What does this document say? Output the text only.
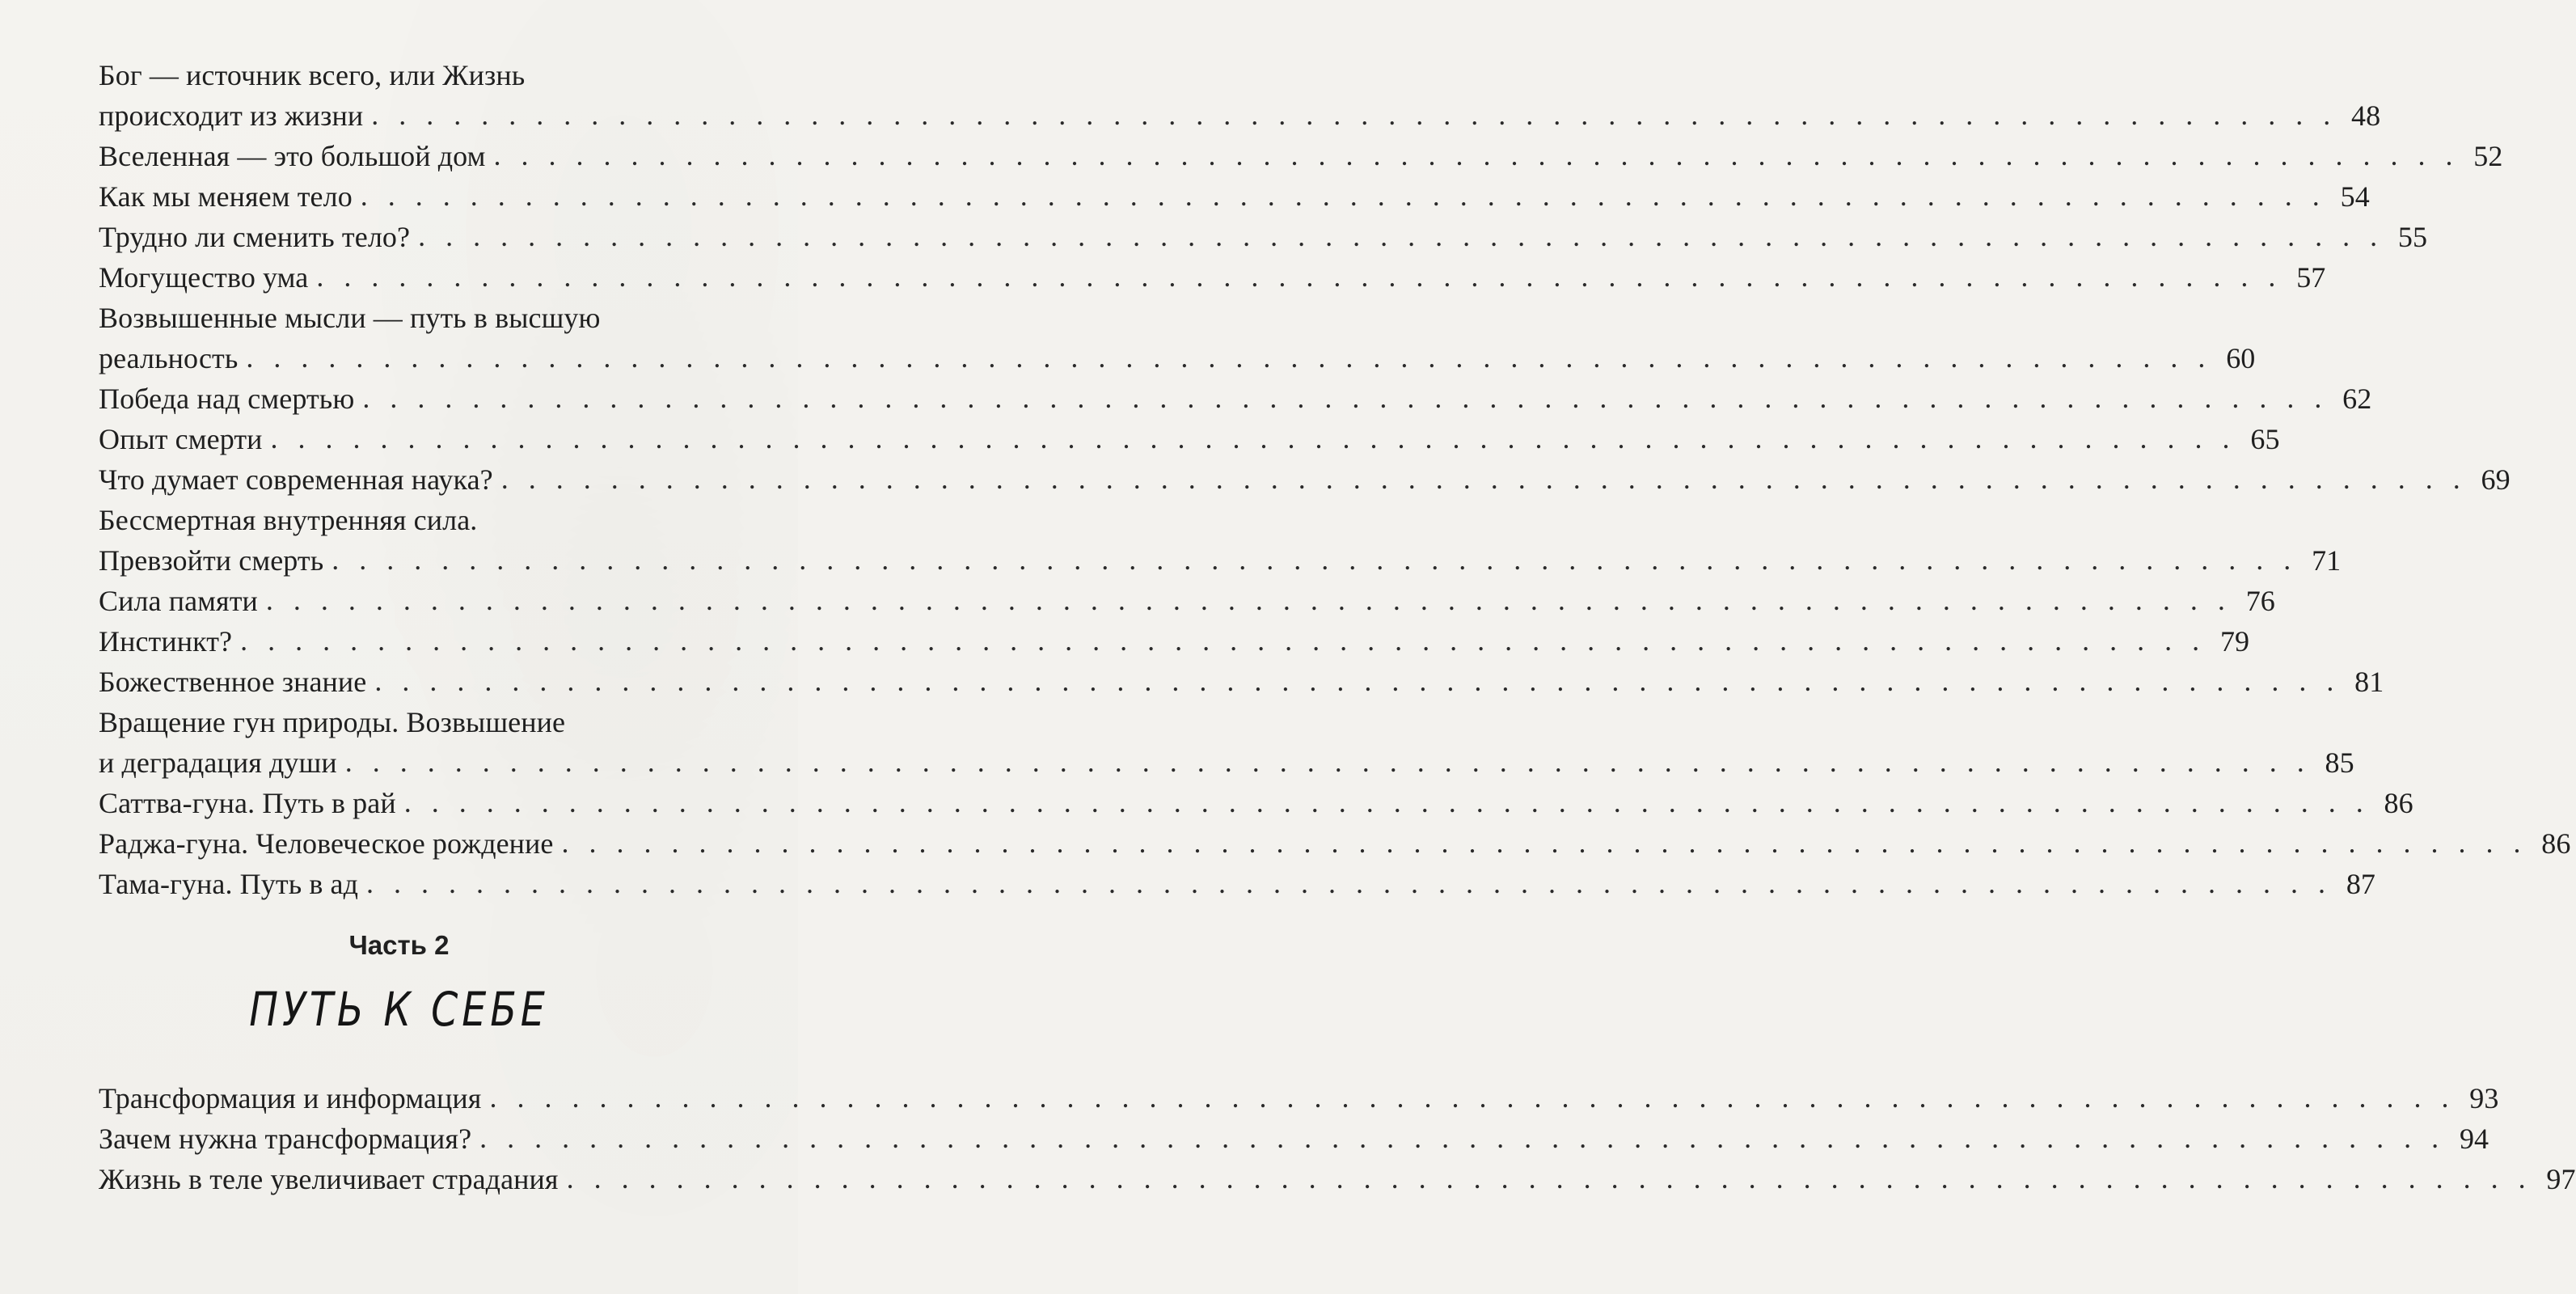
Бог — источник всего, или Жизнь
происходит из жизни . . .	48
Вселенная — это большой дом . . .	52
Как мы меняем тело . . .	54
Трудно ли сменить тело? . . .	55
Могущество ума . . .	57
Возвышенные мысли — путь в высшую
реальность . . .	60
Победа над смертью . . .	62
Опыт смерти . . .	65
Что думает современная наука? . . .	69
Бессмертная внутренняя сила.
Превзойти смерть . . .	71
Сила памяти . . .	76
Инстинкт? . . .	79
Божественное знание . . .	81
Вращение гун природы. Возвышение
и деградация души . . .	85
Саттва-гуна. Путь в рай . . .	86
Раджа-гуна. Человеческое рождение . . .	86
Тама-гуна. Путь в ад . . .	87
Часть 2
ПУТЬ К СЕБЕ
Трансформация и информация . . .	93
Зачем нужна трансформация? . . .	94
Жизнь в теле увеличивает страдания . . .	97
